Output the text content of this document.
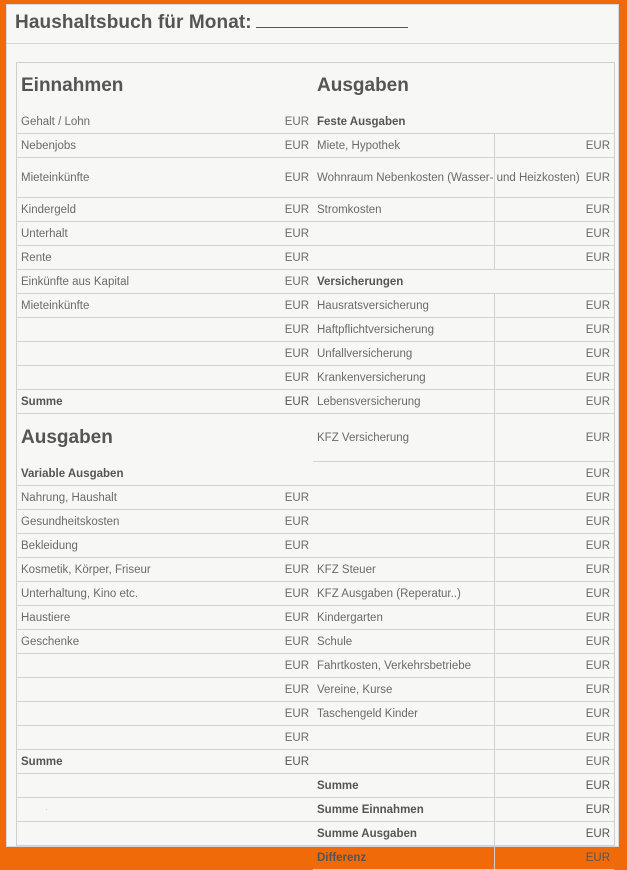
Haushaltsbuch für Monat:
Einnahmen
Gehalt / Lohn	EUR
Nebenjobs	EUR
Mieteinkünfte	EUR
Kindergeld	EUR
Unterhalt	EUR
Rente	EUR
Einkünfte aus Kapital	EUR
Mieteinkünfte	EUR
EUR
EUR
EUR
Summe	EUR
Ausgaben
Variable Ausgaben
Nahrung, Haushalt	EUR
Gesundheitskosten	EUR
Bekleidung	EUR
Kosmetik, Körper, Friseur	EUR
Unterhaltung, Kino etc.	EUR
Haustiere	EUR
Geschenke	EUR
EUR
EUR
EUR
EUR
Summe	EUR
Ausgaben
Feste Ausgaben
Miete, Hypothek	EUR
Wohnraum Nebenkosten (Wasser- und Heizkosten) EUR
Stromkosten	EUR
EUR
EUR
Versicherungen
Hausratsversicherung	EUR
Haftpflichtversicherung	EUR
Unfallversicherung	EUR
Krankenversicherung	EUR
Lebensversicherung	EUR
KFZ Versicherung	EUR
EUR
EUR
EUR
EUR
KFZ Steuer	EUR
KFZ Ausgaben (Reperatur..)	EUR
Kindergarten	EUR
Schule	EUR
Fahrtkosten, Verkehrsbetriebe	EUR
Vereine, Kurse	EUR
Taschengeld Kinder	EUR
EUR
EUR
Summe	EUR
Summe Einnahmen	EUR
Summe Ausgaben	EUR
Differenz	EUR
·
